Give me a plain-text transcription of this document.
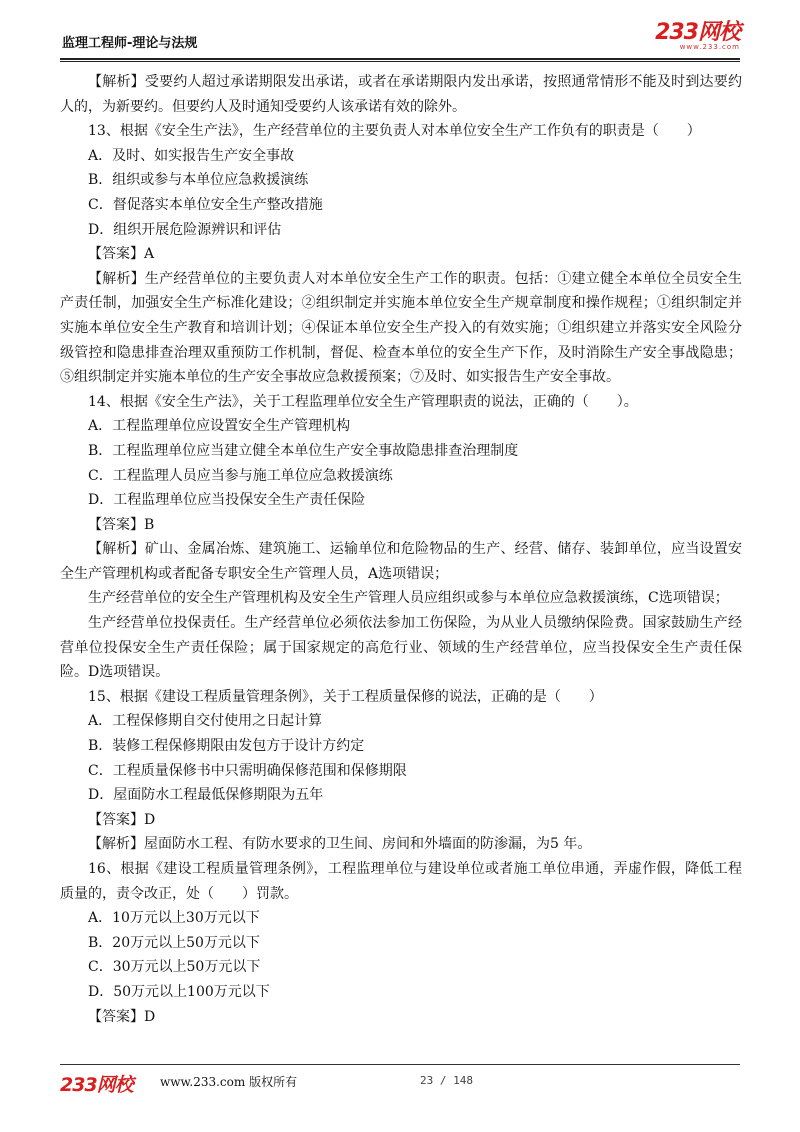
监理工程师-理论与法规	233网校
www.233.com

【解析】受要约人超过承诺期限发出承诺，或者在承诺期限内发出承诺，按照通常情形不能及时到达要约人的，为新要约。但要约人及时通知受要约人该承诺有效的除外。

13、根据《安全生产法》，生产经营单位的主要负责人对本单位安全生产工作负有的职责是（　　）

A．及时、如实报告生产安全事故

B．组织或参与本单位应急救援演练

C．督促落实本单位安全生产整改措施

D．组织开展危险源辨识和评估

【答案】A

【解析】生产经营单位的主要负责人对本单位安全生产工作的职责。包括：①建立健全本单位全员安全生产责任制，加强安全生产标准化建设；②组织制定并实施本单位安全生产规章制度和操作规程；①组织制定并实施本单位安全生产教育和培训计划；④保证本单位安全生产投入的有效实施；①组织建立并落实安全风险分级管控和隐患排查治理双重预防工作机制，督促、检查本单位的安全生产下作，及时消除生产安全事战隐患；⑤组织制定并实施本单位的生产安全事故应急救援预案；⑦及时、如实报告生产安全事故。

14、根据《安全生产法》，关于工程监理单位安全生产管理职责的说法，正确的（　　）。

A．工程监理单位应设置安全生产管理机构

B．工程监理单位应当建立健全本单位生产安全事故隐患排查治理制度

C．工程监理人员应当参与施工单位应急救援演练

D．工程监理单位应当投保安全生产责任保险

【答案】B

【解析】矿山、金属冶炼、建筑施工、运输单位和危险物品的生产、经营、储存、装卸单位，应当设置安全生产管理机构或者配备专职安全生产管理人员，A选项错误；

生产经营单位的安全生产管理机构及安全生产管理人员应组织或参与本单位应急救援演练，C选项错误；

生产经营单位投保责任。生产经营单位必须依法参加工伤保险，为从业人员缴纳保险费。国家鼓励生产经营单位投保安全生产责任保险；属于国家规定的高危行业、领域的生产经营单位，应当投保安全生产责任保险。D选项错误。

15、根据《建设工程质量管理条例》，关于工程质量保修的说法，正确的是（　　）

A．工程保修期自交付使用之日起计算

B．装修工程保修期限由发包方于设计方约定

C．工程质量保修书中只需明确保修范围和保修期限

D．屋面防水工程最低保修期限为五年

【答案】D

【解析】屋面防水工程、有防水要求的卫生间、房间和外墙面的防渗漏，为5 年。

16、根据《建设工程质量管理条例》，工程监理单位与建设单位或者施工单位串通，弄虚作假，降低工程质量的，责令改正，处（　　）罚款。

A．10万元以上30万元以下

B．20万元以上50万元以下

C．30万元以上50万元以下

D．50万元以上100万元以下

【答案】D

233网校 www.233.com 版权所有	23 / 148
